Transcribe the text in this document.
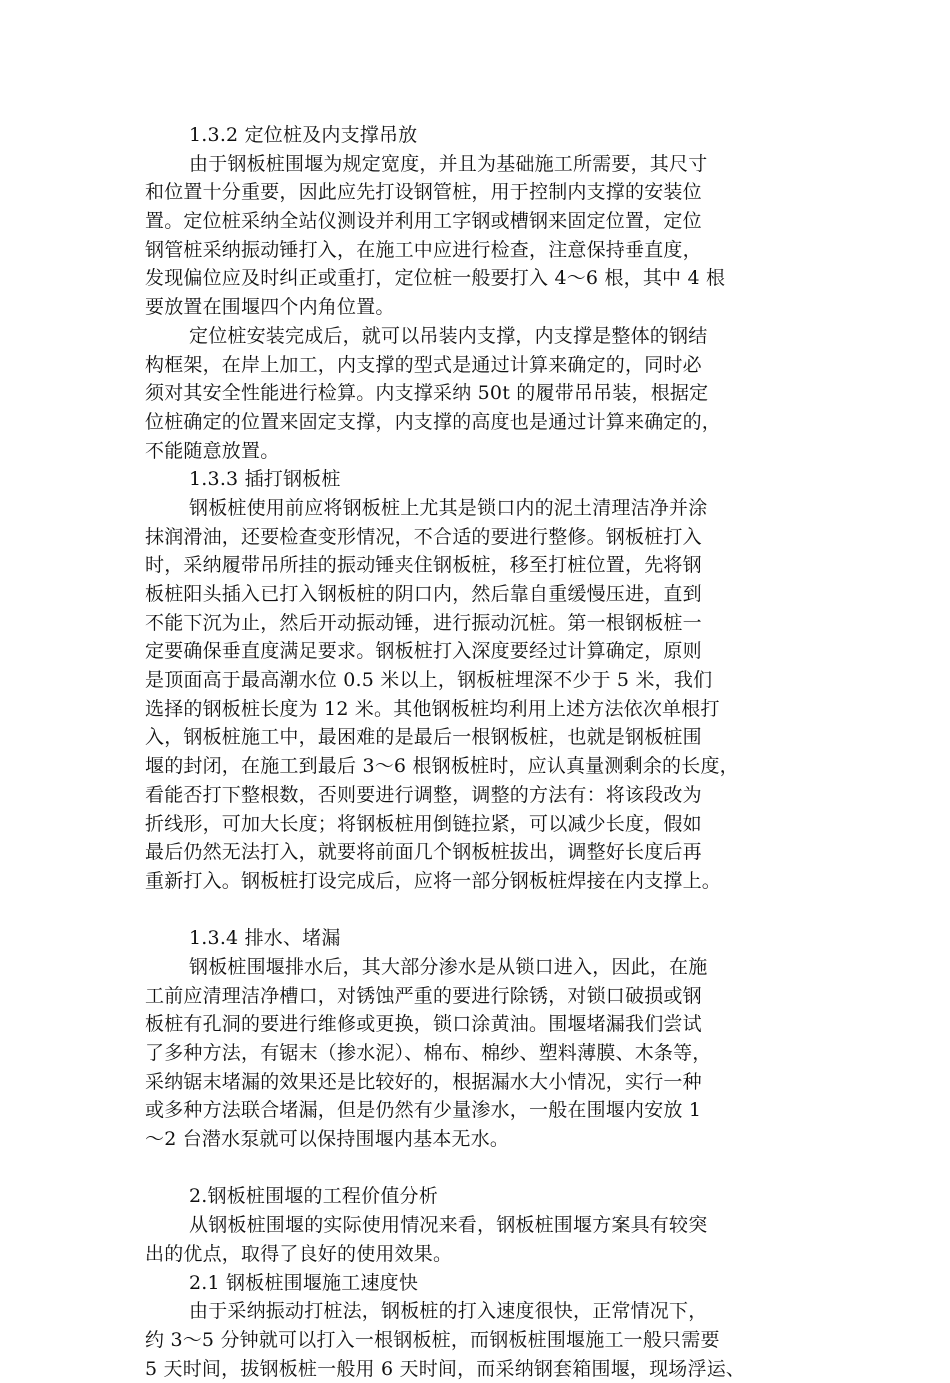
1.3.2 定位桩及内支撑吊放
由于钢板桩围堰为规定宽度，并且为基础施工所需要，其尺寸
和位置十分重要，因此应先打设钢管桩，用于控制内支撑的安装位
置。定位桩采纳全站仪测设并利用工字钢或槽钢来固定位置，定位
钢管桩采纳振动锤打入，在施工中应进行检查，注意保持垂直度，
发现偏位应及时纠正或重打，定位桩一般要打入 4～6 根，其中 4 根
要放置在围堰四个内角位置。
定位桩安装完成后，就可以吊装内支撑，内支撑是整体的钢结
构框架，在岸上加工，内支撑的型式是通过计算来确定的，同时必
须对其安全性能进行检算。内支撑采纳 50t 的履带吊吊装，根据定
位桩确定的位置来固定支撑，内支撑的高度也是通过计算来确定的，
不能随意放置。
1.3.3 插打钢板桩
钢板桩使用前应将钢板桩上尤其是锁口内的泥土清理洁净并涂
抹润滑油，还要检查变形情况，不合适的要进行整修。钢板桩打入
时，采纳履带吊所挂的振动锤夹住钢板桩，移至打桩位置，先将钢
板桩阳头插入已打入钢板桩的阴口内，然后靠自重缓慢压进，直到
不能下沉为止，然后开动振动锤，进行振动沉桩。第一根钢板桩一
定要确保垂直度满足要求。钢板桩打入深度要经过计算确定，原则
是顶面高于最高潮水位 0.5 米以上，钢板桩埋深不少于 5 米，我们
选择的钢板桩长度为 12 米。其他钢板桩均利用上述方法依次单根打
入，钢板桩施工中，最困难的是最后一根钢板桩，也就是钢板桩围
堰的封闭，在施工到最后 3～6 根钢板桩时，应认真量测剩余的长度，
看能否打下整根数，否则要进行调整，调整的方法有：将该段改为
折线形，可加大长度；将钢板桩用倒链拉紧，可以减少长度，假如
最后仍然无法打入，就要将前面几个钢板桩拔出，调整好长度后再
重新打入。钢板桩打设完成后，应将一部分钢板桩焊接在内支撑上。
1.3.4 排水、堵漏
钢板桩围堰排水后，其大部分渗水是从锁口进入，因此，在施
工前应清理洁净槽口，对锈蚀严重的要进行除锈，对锁口破损或钢
板桩有孔洞的要进行维修或更换，锁口涂黄油。围堰堵漏我们尝试
了多种方法，有锯末（掺水泥）、棉布、棉纱、塑料薄膜、木条等，
采纳锯末堵漏的效果还是比较好的，根据漏水大小情况，实行一种
或多种方法联合堵漏，但是仍然有少量渗水，一般在围堰内安放 1
～2 台潜水泵就可以保持围堰内基本无水。
2.钢板桩围堰的工程价值分析
从钢板桩围堰的实际使用情况来看，钢板桩围堰方案具有较突
出的优点，取得了良好的使用效果。
2.1 钢板桩围堰施工速度快
由于采纳振动打桩法，钢板桩的打入速度很快，正常情况下，
约 3～5 分钟就可以打入一根钢板桩，而钢板桩围堰施工一般只需要
5 天时间，拔钢板桩一般用 6 天时间，而采纳钢套箱围堰，现场浮运、
